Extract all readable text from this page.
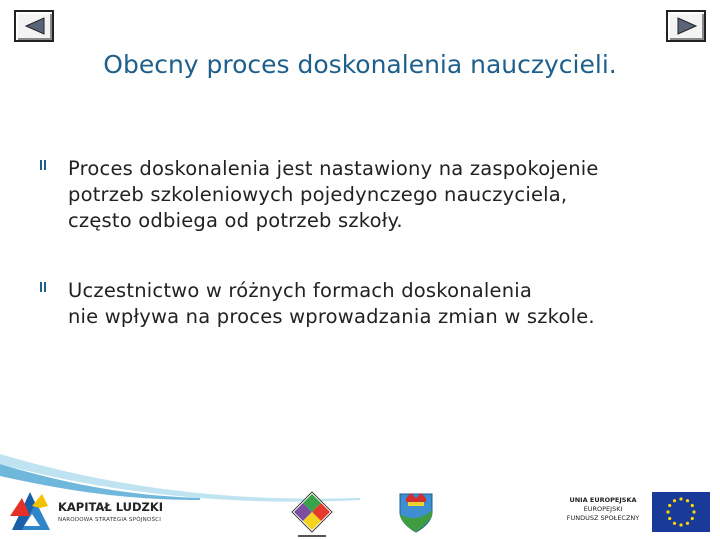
Obecny proces doskonalenia nauczycieli.
Proces doskonalenia jest nastawiony na zaspokojenie
potrzeb szkoleniowych pojedynczego nauczyciela,
często odbiega od potrzeb szkoły.
Uczestnictwo w różnych formach doskonalenia
nie wpływa na proces wprowadzania zmian w szkole.
KAPITAŁ LUDZKI
NARODOWA STRATEGIA SPÓJNOŚCI
UNIA EUROPEJSKA
EUROPEJSKI
FUNDUSZ SPOŁECZNY
